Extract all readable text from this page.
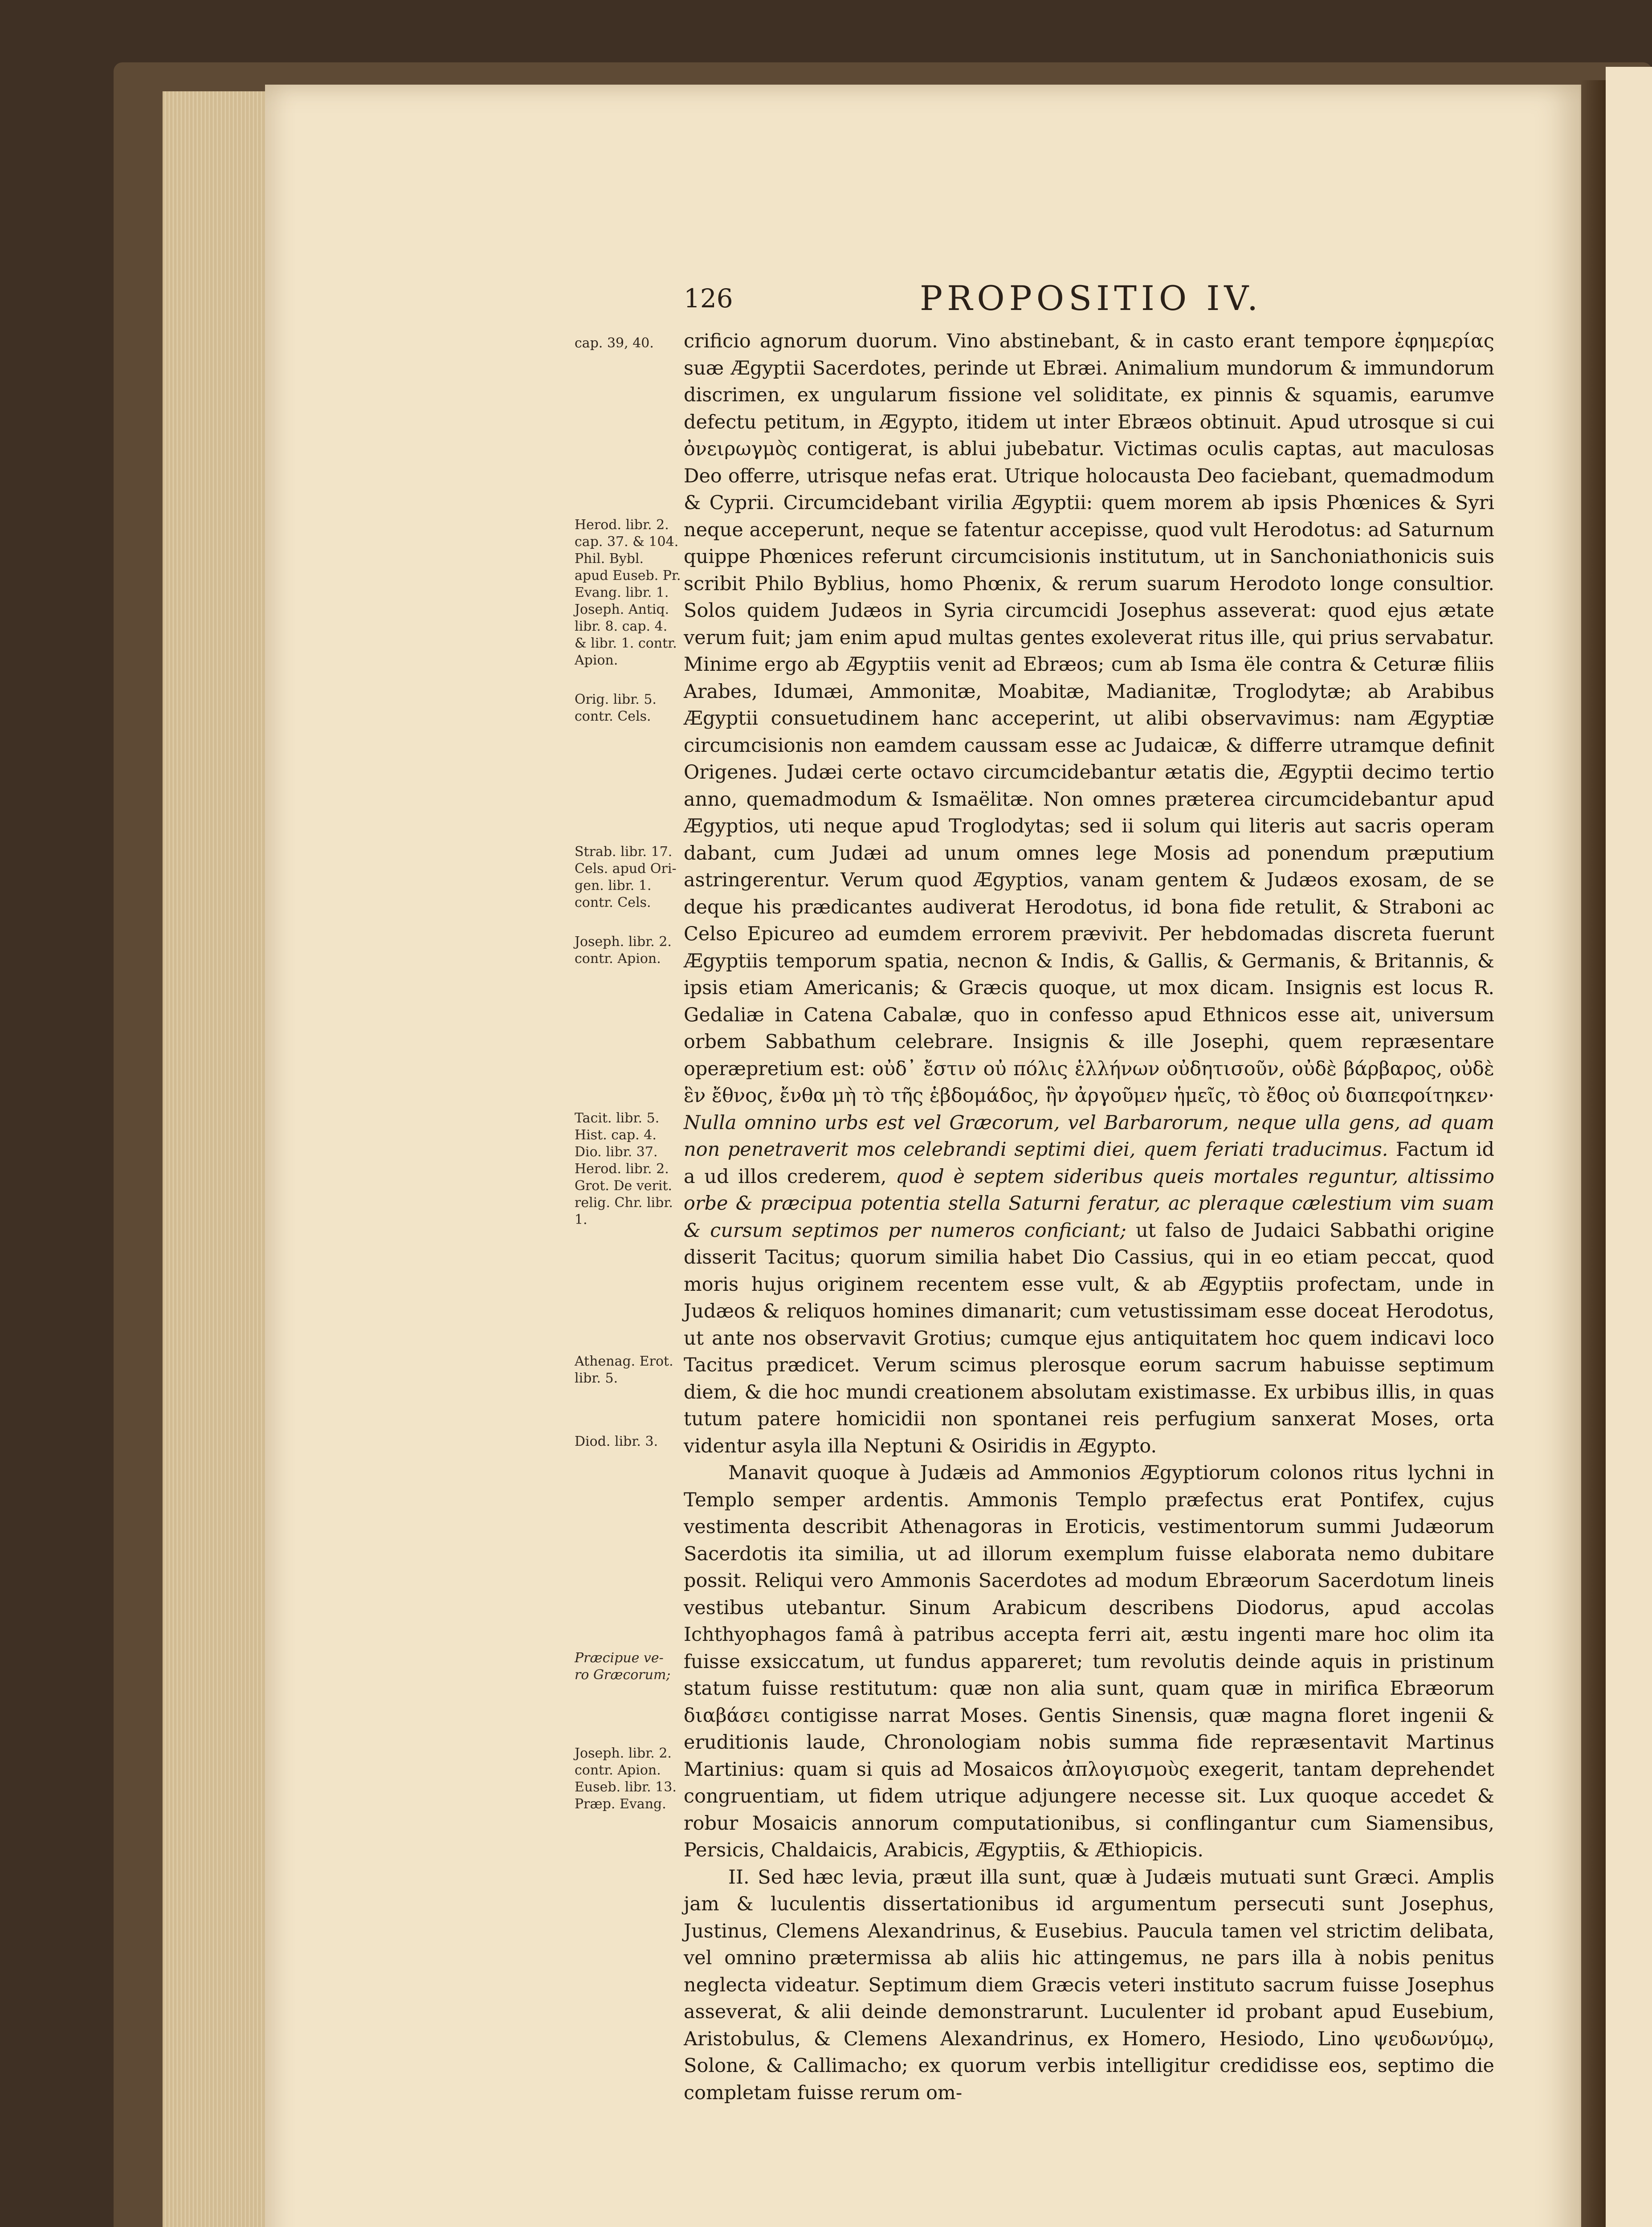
126	PROPOSITIO IV.
cap. 39, 40.
Herod. libr. 2.
cap. 37. & 104.
Phil. Bybl.
apud Euseb. Pr.
Evang. libr. 1.
Joseph. Antiq.
libr. 8. cap. 4.
& libr. 1. contr.
Apion.
Orig. libr. 5.
contr. Cels.
Strab. libr. 17.
Cels. apud Ori-
gen. libr. 1.
contr. Cels.
Joseph. libr. 2.
contr. Apion.
Tacit. libr. 5.
Hist. cap. 4.
Dio. libr. 37.
Herod. libr. 2.
Grot. De verit.
relig. Chr. libr.
1.
Athenag. Erot.
libr. 5.
Diod. libr. 3.
Præcipue ve-
ro Græcorum;
Joseph. libr. 2.
contr. Apion.
Euseb. libr. 13.
Præp. Evang.

crificio agnorum duorum. Vino abstinebant, & in casto erant tempore ἐφημερίας suæ Ægyptii Sacerdotes, perinde ut Ebræi. Animalium mundorum & immundorum discrimen, ex ungularum fissione vel soliditate, ex pinnis & squamis, earumve defectu petitum, in Ægypto, itidem ut inter Ebræos obtinuit. Apud utrosque si cui ὀνειρωγμὸς contigerat, is ablui jubebatur. Victimas oculis captas, aut maculosas Deo offerre, utrisque nefas erat. Utrique holocausta Deo faciebant, quemadmodum & Cyprii. Circumcidebant virilia Ægyptii: quem morem ab ipsis Phœnices & Syri neque acceperunt, neque se fatentur accepisse, quod vult Herodotus: ad Saturnum quippe Phœnices referunt circumcisionis institutum, ut in Sanchoniathonicis suis scribit Philo Byblius, homo Phœnix, & rerum suarum Herodoto longe consultior. Solos quidem Judæos in Syria circumcidi Josephus asseverat: quod ejus ætate verum fuit; jam enim apud multas gentes exoleverat ritus ille, qui prius servabatur. Minime ergo ab Ægyptiis venit ad Ebræos; cum ab Isma ële contra & Ceturæ filiis Arabes, Idumæi, Ammonitæ, Moabitæ, Madianitæ, Troglodytæ; ab Arabibus Ægyptii consuetudinem hanc acceperint, ut alibi observavimus: nam Ægyptiæ circumcisionis non eamdem caussam esse ac Judaicæ, & differre utramque definit Origenes. Judæi certe octavo circumcidebantur ætatis die, Ægyptii decimo tertio anno, quemadmodum & Ismaëlitæ. Non omnes præterea circumcidebantur apud Ægyptios, uti neque apud Troglodytas; sed ii solum qui literis aut sacris operam dabant, cum Judæi ad unum omnes lege Mosis ad ponendum præputium astringerentur. Verum quod Ægyptios, vanam gentem & Judæos exosam, de se deque his prædicantes audiverat Herodotus, id bona fide retulit, & Straboni ac Celso Epicureo ad eumdem errorem prævivit. Per hebdomadas discreta fuerunt Ægyptiis temporum spatia, necnon & Indis, & Gallis, & Germanis, & Britannis, & ipsis etiam Americanis; & Græcis quoque, ut mox dicam. Insignis est locus R. Gedaliæ in Catena Cabalæ, quo in confesso apud Ethnicos esse ait, universum orbem Sabbathum celebrare. Insignis & ille Josephi, quem repræsentare operæpretium est: οὐδ᾽ ἔστιν οὐ πόλις ἑλλήνων οὐδητισοῦν, οὐδὲ βάρβαρος, οὐδὲ ἓν ἔθνος, ἔνθα μὴ τὸ τῆς ἑβδομάδος, ἣν ἀργοῦμεν ἡμεῖς, τὸ ἔθος οὐ διαπεφοίτηκεν· Nulla omnino urbs est vel Græcorum, vel Barbarorum, neque ulla gens, ad quam non penetraverit mos celebrandi septimi diei, quem feriati traducimus. Factum id a ud illos crederem, quod è septem sideribus queis mortales reguntur, altissimo orbe & præcipua potentia stella Saturni feratur, ac pleraque cælestium vim suam & cursum septimos per numeros conficiant; ut falso de Judaici Sabbathi origine disserit Tacitus; quorum similia habet Dio Cassius, qui in eo etiam peccat, quod moris hujus originem recentem esse vult, & ab Ægyptiis profectam, unde in Judæos & reliquos homines dimanarit; cum vetustissimam esse doceat Herodotus, ut ante nos observavit Grotius; cumque ejus antiquitatem hoc quem indicavi loco Tacitus prædicet. Verum scimus plerosque eorum sacrum habuisse septimum diem, & die hoc mundi creationem absolutam existimasse. Ex urbibus illis, in quas tutum patere homicidii non spontanei reis perfugium sanxerat Moses, orta videntur asyla illa Neptuni & Osiridis in Ægypto.

Manavit quoque à Judæis ad Ammonios Ægyptiorum colonos ritus lychni in Templo semper ardentis. Ammonis Templo præfectus erat Pontifex, cujus vestimenta describit Athenagoras in Eroticis, vestimentorum summi Judæorum Sacerdotis ita similia, ut ad illorum exemplum fuisse elaborata nemo dubitare possit. Reliqui vero Ammonis Sacerdotes ad modum Ebræorum Sacerdotum lineis vestibus utebantur. Sinum Arabicum describens Diodorus, apud accolas Ichthyophagos famâ à patribus accepta ferri ait, æstu ingenti mare hoc olim ita fuisse exsiccatum, ut fundus appareret; tum revolutis deinde aquis in pristinum statum fuisse restitutum: quæ non alia sunt, quam quæ in mirifica Ebræorum διαβάσει contigisse narrat Moses. Gentis Sinensis, quæ magna floret ingenii & eruditionis laude, Chronologiam nobis summa fide repræsentavit Martinus Martinius: quam si quis ad Mosaicos ἀπλογισμοὺς exegerit, tantam deprehendet congruentiam, ut fidem utrique adjungere necesse sit. Lux quoque accedet & robur Mosaicis annorum computationibus, si conflingantur cum Siamensibus, Persicis, Chaldaicis, Arabicis, Ægyptiis, & Æthiopicis.

II. Sed hæc levia, præut illa sunt, quæ à Judæis mutuati sunt Græci. Amplis jam & luculentis dissertationibus id argumentum persecuti sunt Josephus, Justinus, Clemens Alexandrinus, & Eusebius. Paucula tamen vel strictim delibata, vel omnino prætermissa ab aliis hic attingemus, ne pars illa à nobis penitus neglecta videatur. Septimum diem Græcis veteri instituto sacrum fuisse Josephus asseverat, & alii deinde demonstrarunt. Luculenter id probant apud Eusebium, Aristobulus, & Clemens Alexandrinus, ex Homero, Hesiodo, Lino ψευδωνύμῳ, Solone, & Callimacho; ex quorum verbis intelligitur credidisse eos, septimo die completam fuisse rerum om-
